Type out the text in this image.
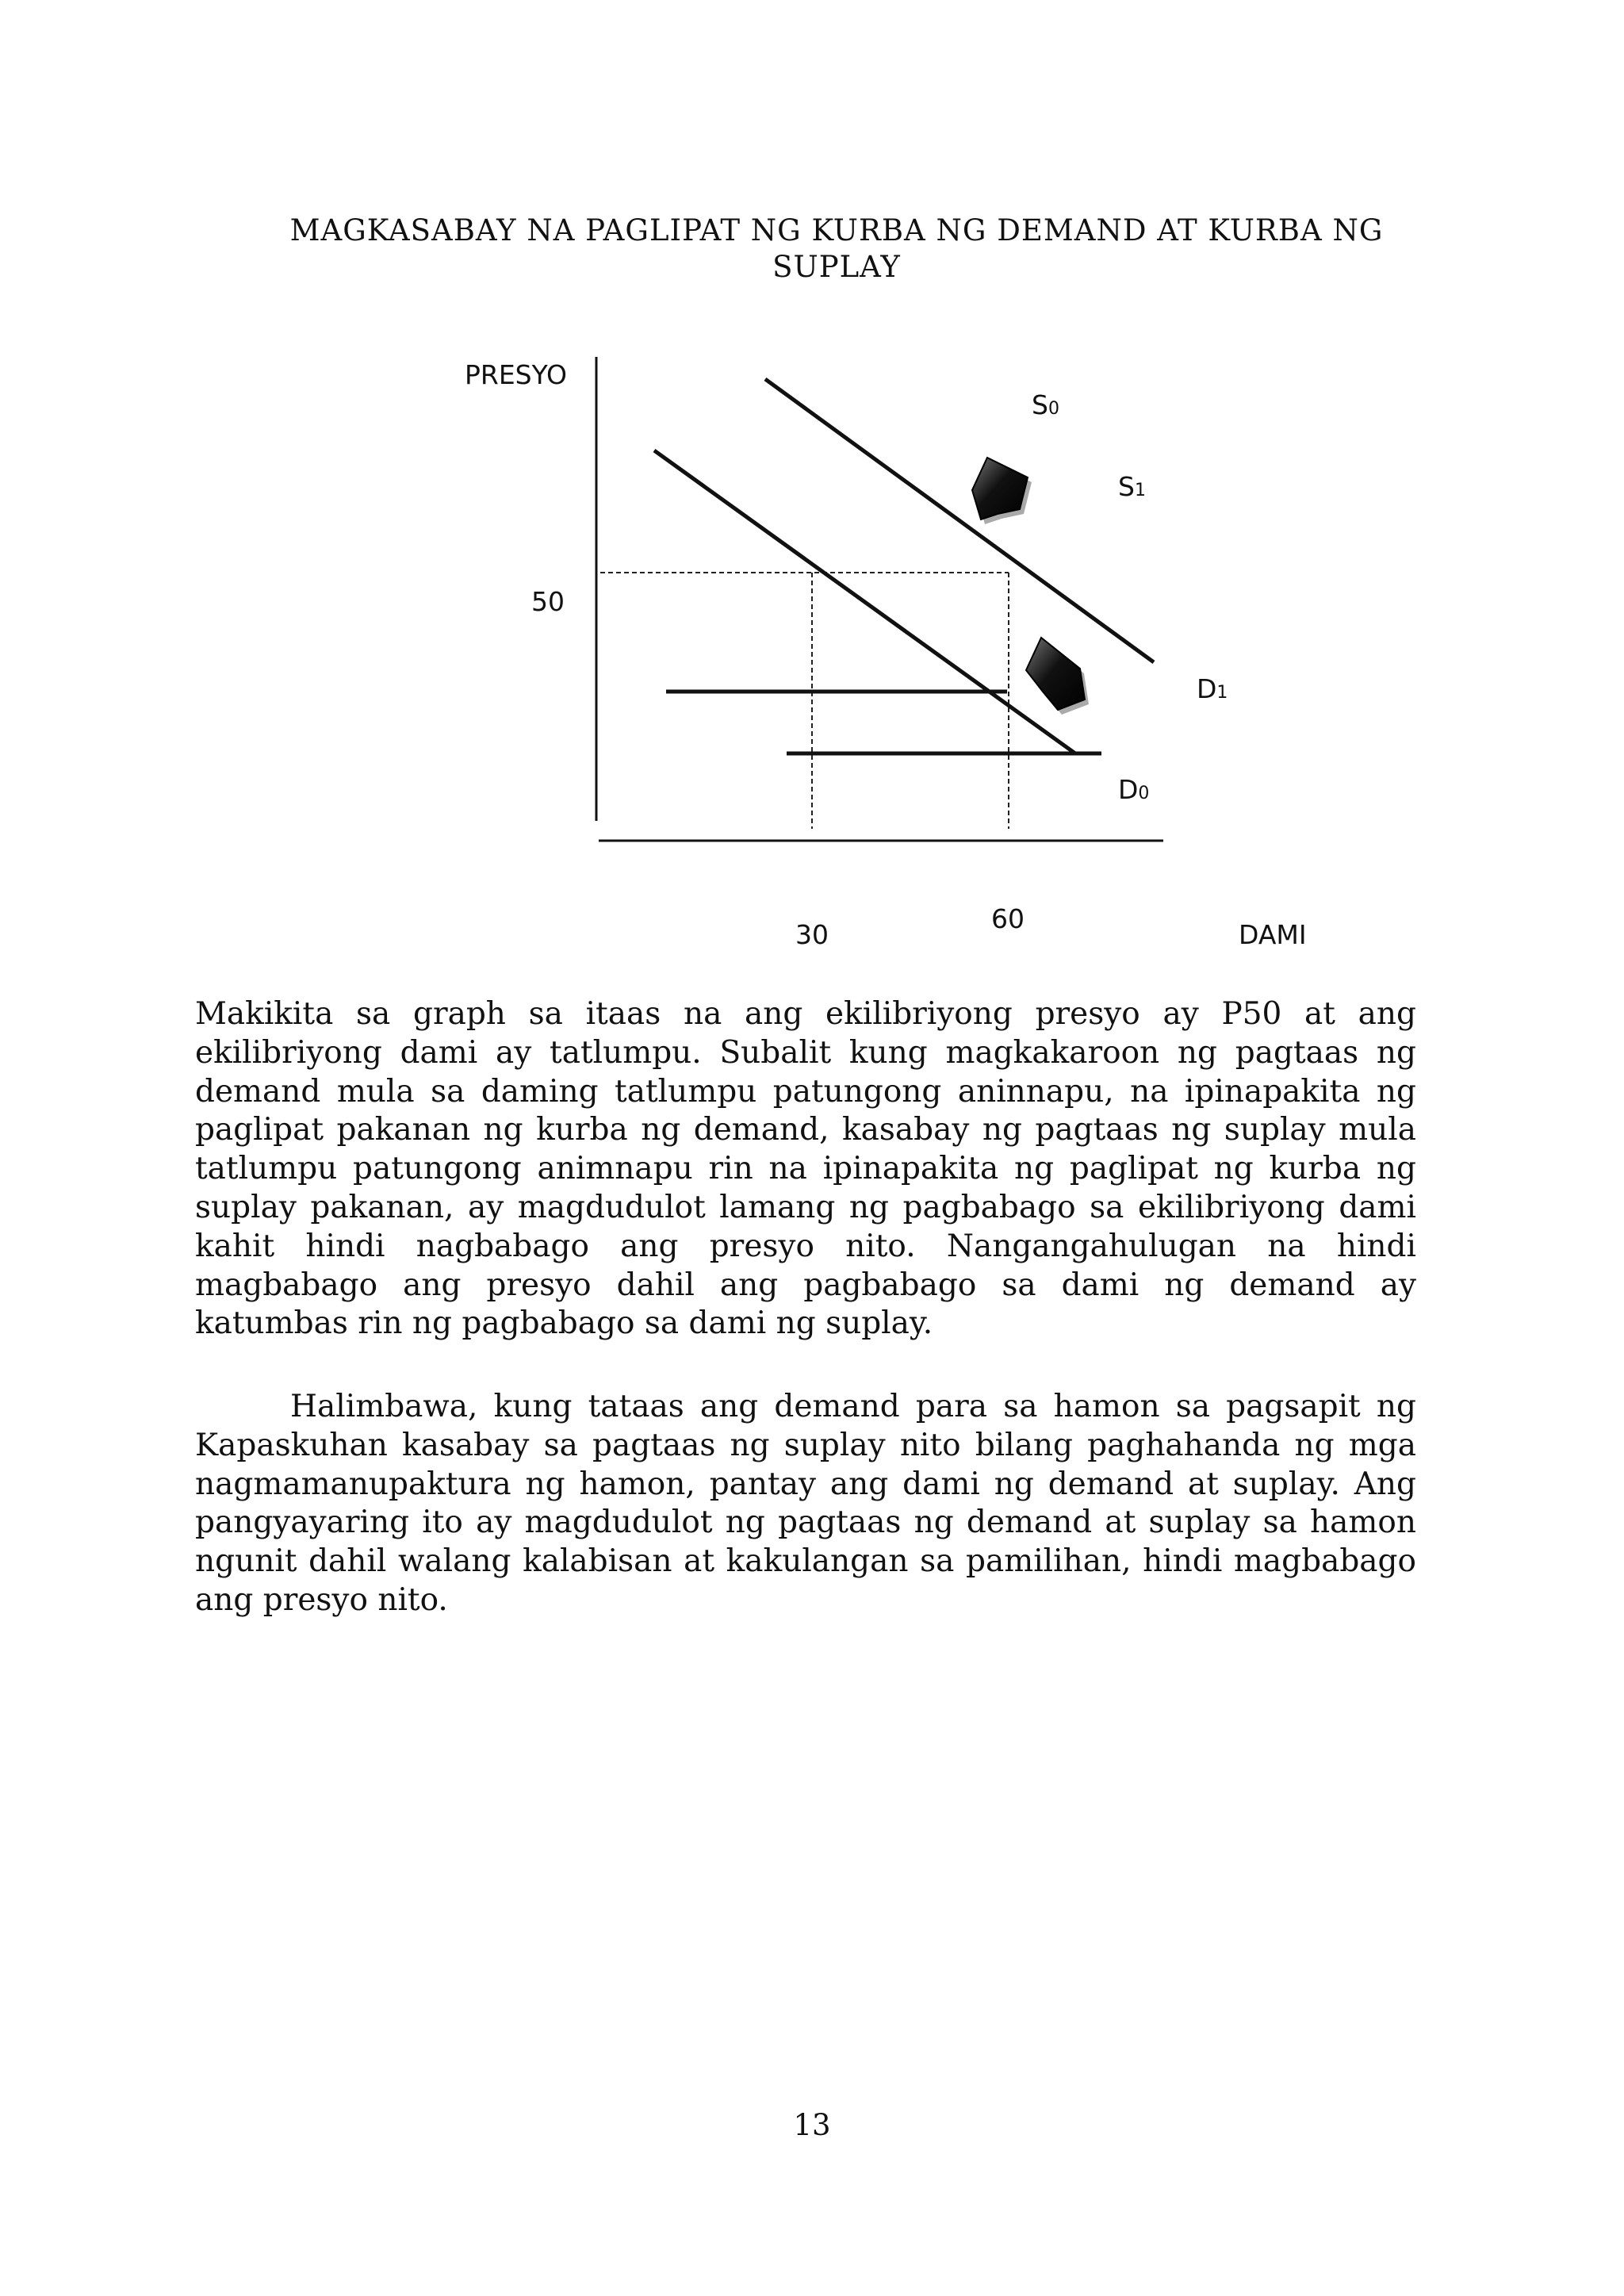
MAGKASABAY NA PAGLIPAT NG KURBA NG DEMAND AT KURBA NG SUPLAY
PRESYO
50
30
60
DAMI
S0
S1
D1
D0

Makikita sa graph sa itaas na ang ekilibriyong presyo ay P50 at ang ekilibriyong dami ay tatlumpu. Subalit kung magkakaroon ng pagtaas ng demand mula sa daming tatlumpu patungong aninnapu, na ipinapakita ng paglipat pakanan ng kurba ng demand, kasabay ng pagtaas ng suplay mula tatlumpu patungong animnapu rin na ipinapakita ng paglipat ng kurba ng suplay pakanan, ay magdudulot lamang ng pagbabago sa ekilibriyong dami kahit hindi nagbabago ang presyo nito. Nangangahulugan na hindi magbabago ang presyo dahil ang pagbabago sa dami ng demand ay katumbas rin ng pagbabago sa dami ng suplay.

Halimbawa, kung tataas ang demand para sa hamon sa pagsapit ng Kapaskuhan kasabay sa pagtaas ng suplay nito bilang paghahanda ng mga nagmamanupaktura ng hamon, pantay ang dami ng demand at suplay. Ang pangyayaring ito ay magdudulot ng pagtaas ng demand at suplay sa hamon ngunit dahil walang kalabisan at kakulangan sa pamilihan, hindi magbabago ang presyo nito.

13
